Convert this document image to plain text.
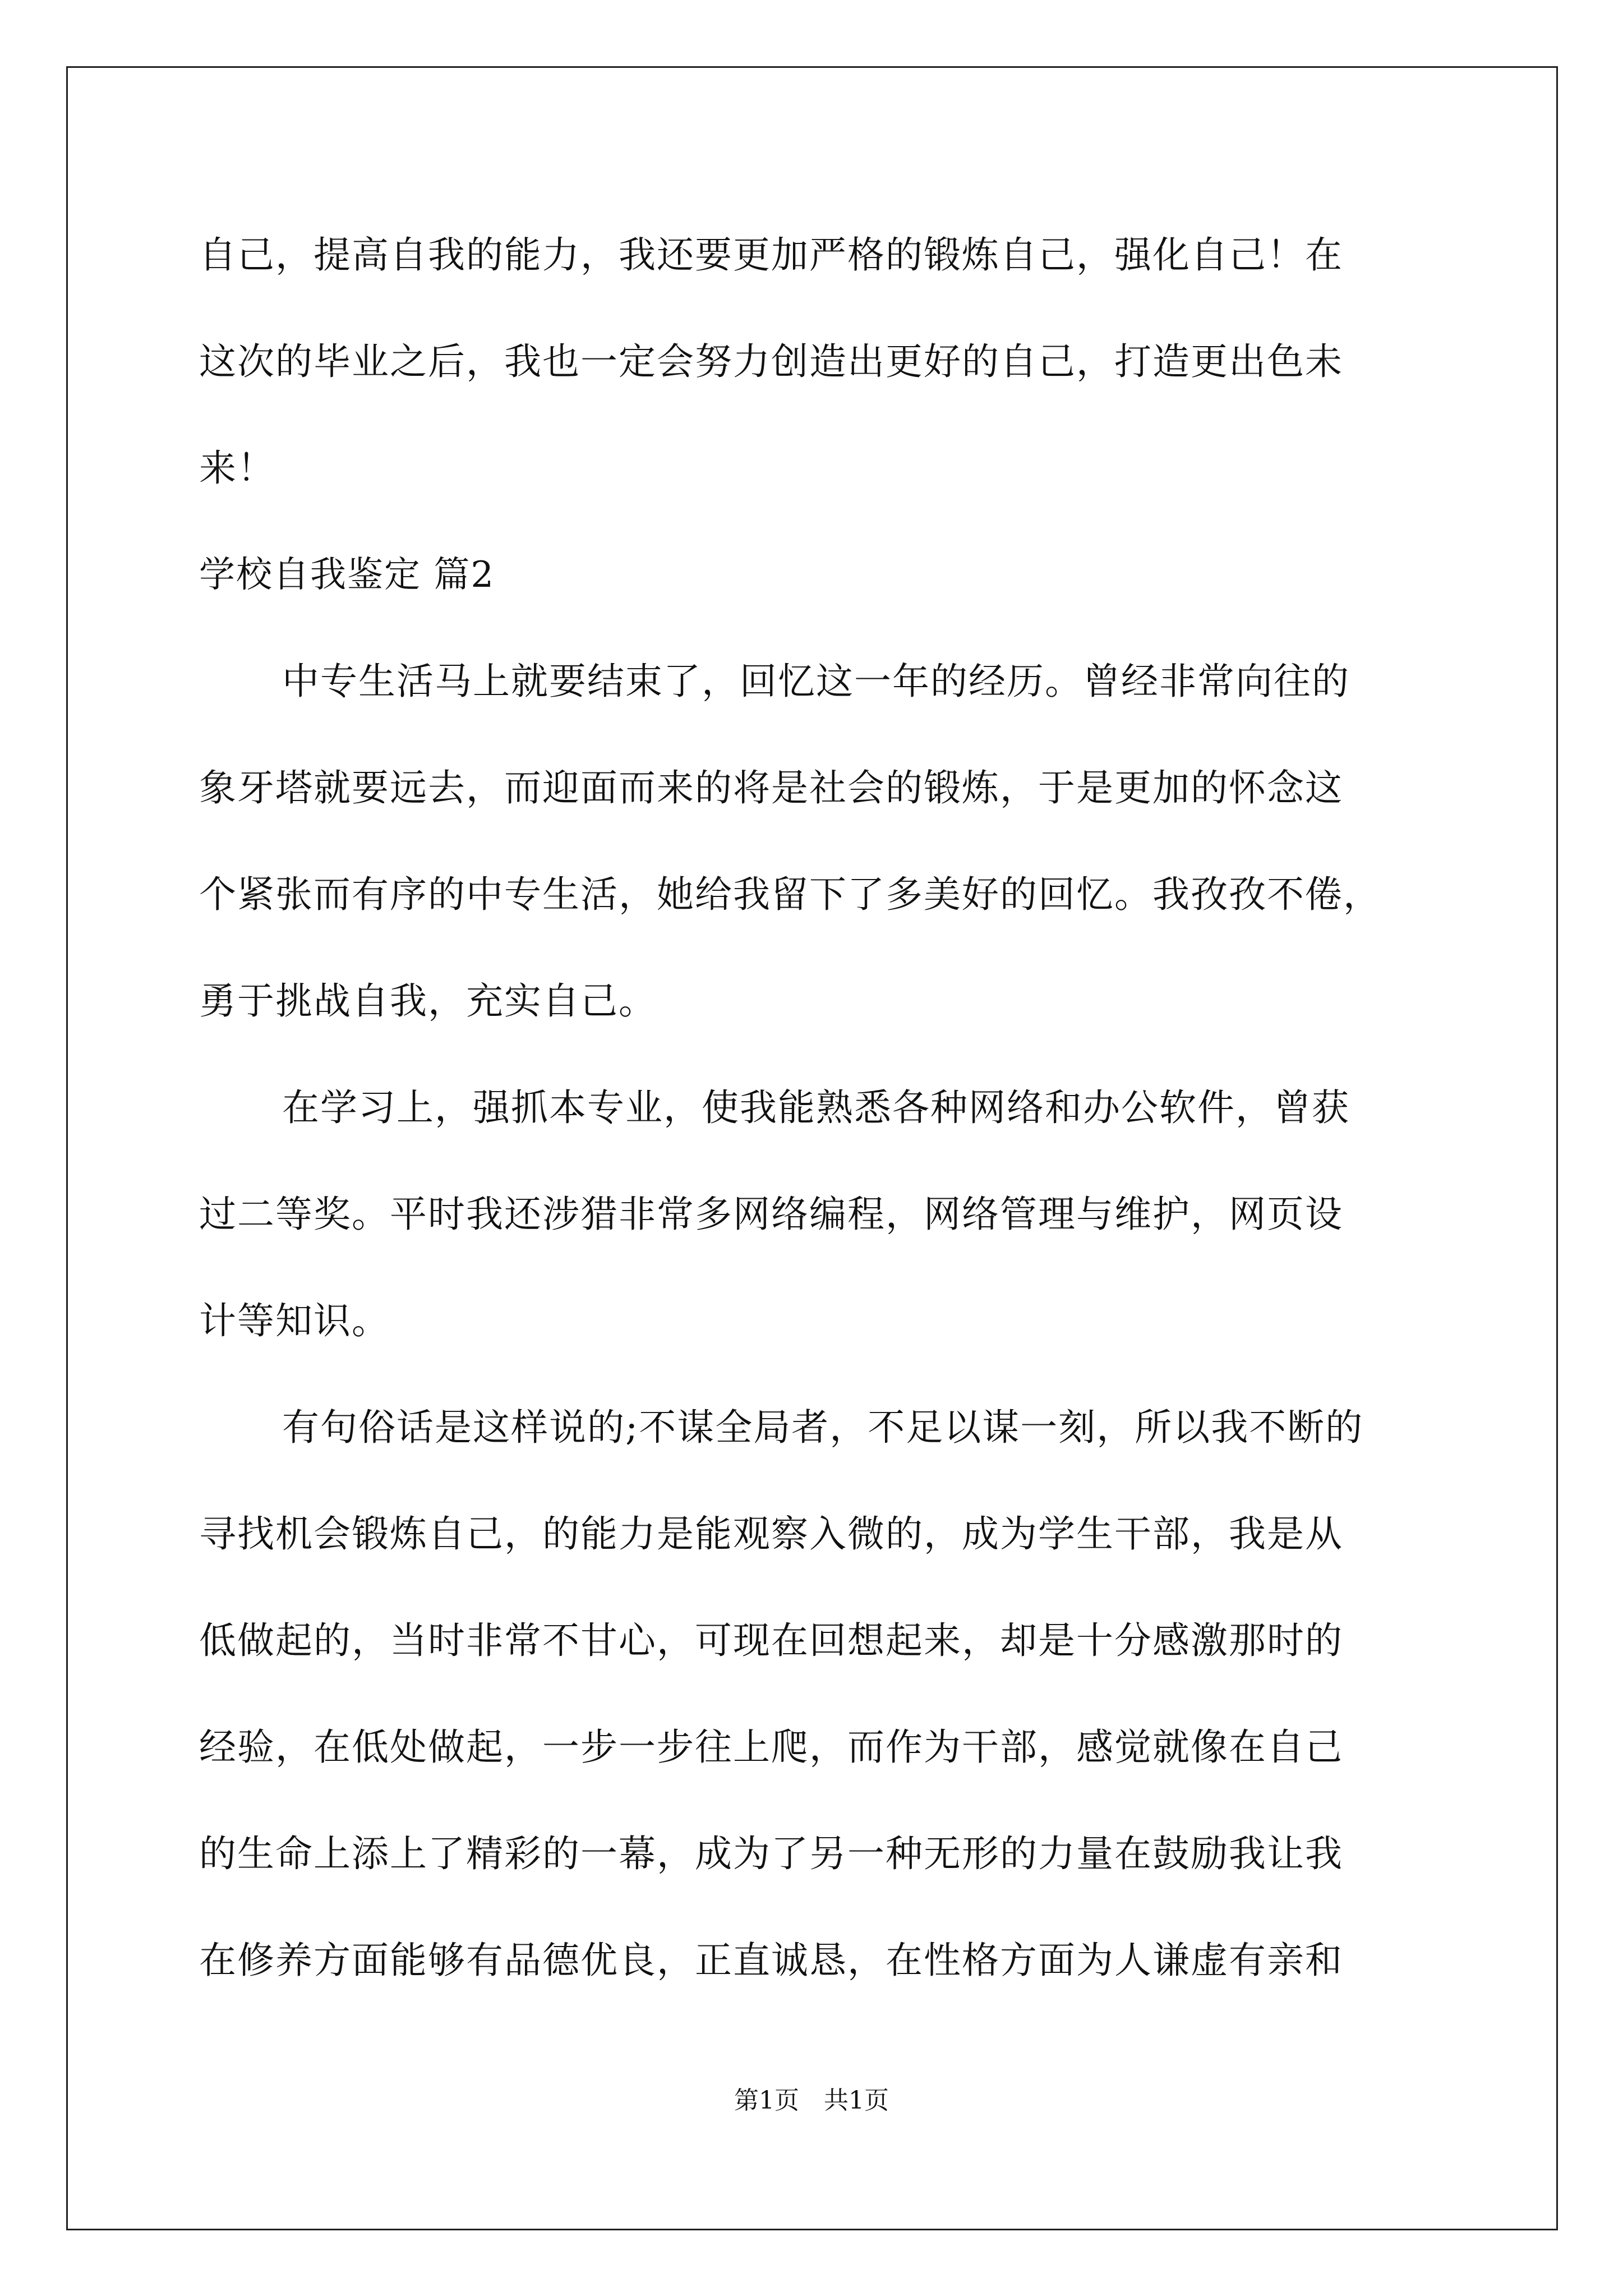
自己，提高自我的能力，我还要更加严格的锻炼自己，强化自己！在
这次的毕业之后，我也一定会努力创造出更好的自己，打造更出色未
来！
学校自我鉴定 篇2
中专生活马上就要结束了，回忆这一年的经历。曾经非常向往的
象牙塔就要远去，而迎面而来的将是社会的锻炼，于是更加的怀念这
个紧张而有序的中专生活，她给我留下了多美好的回忆。我孜孜不倦，
勇于挑战自我，充实自己。
在学习上，强抓本专业，使我能熟悉各种网络和办公软件，曾获
过二等奖。平时我还涉猎非常多网络编程，网络管理与维护，网页设
计等知识。
有句俗话是这样说的;不谋全局者，不足以谋一刻，所以我不断的
寻找机会锻炼自己，的能力是能观察入微的，成为学生干部，我是从
低做起的，当时非常不甘心，可现在回想起来，却是十分感激那时的
经验，在低处做起，一步一步往上爬，而作为干部，感觉就像在自己
的生命上添上了精彩的一幕，成为了另一种无形的力量在鼓励我让我
在修养方面能够有品德优良，正直诚恳，在性格方面为人谦虚有亲和
第1页　共1页
